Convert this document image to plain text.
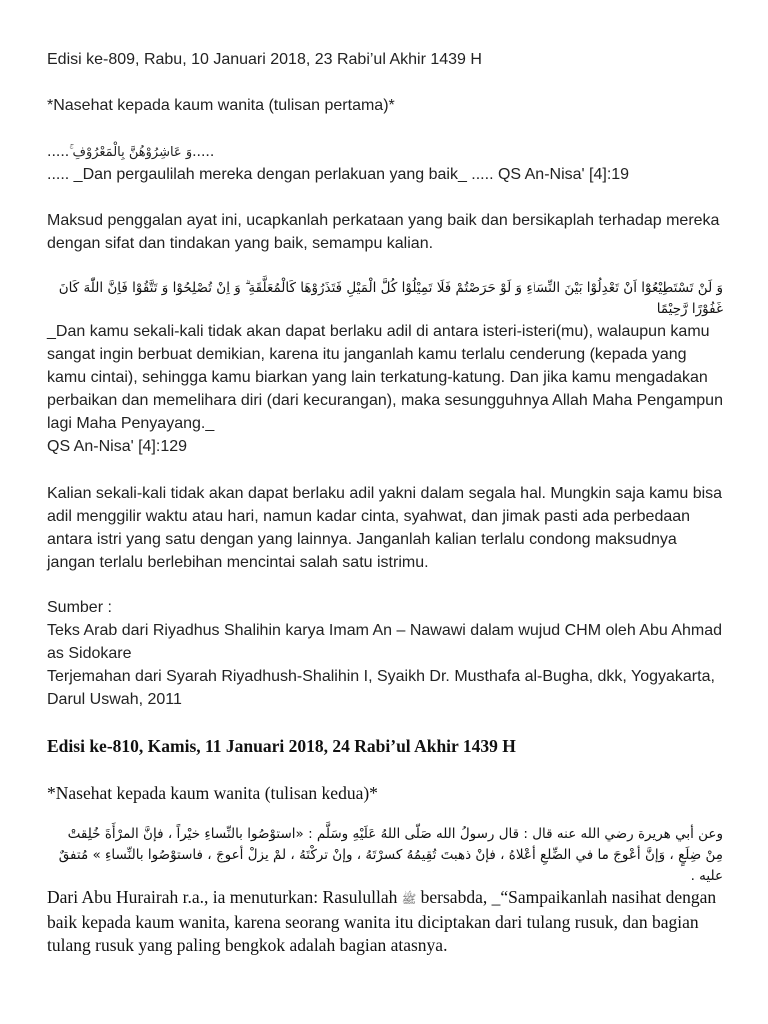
Edisi ke-809, Rabu, 10 Januari 2018, 23 Rabi’ul Akhir 1439 H

*Nasehat kepada kaum wanita (tulisan pertama)*

.....وَ عَاشِرُوْهُنَّ بِالْمَعْرُوْفِ ۚ.....

..... _Dan pergaulilah mereka dengan perlakuan yang baik_ ..... QS An-Nisa' [4]:19

Maksud penggalan ayat ini, ucapkanlah perkataan yang baik dan bersikaplah terhadap mereka dengan sifat dan tindakan yang baik, semampu kalian.

وَ لَنْ تَسْتَطِيْعُوْٓا اَنْ تَعْدِلُوْا بَيْنَ النِّسَاۤءِ وَ لَوْ حَرَصْتُمْ فَلَا تَمِيْلُوْا كُلَّ الْمَيْلِ فَتَذَرُوْهَا كَالْمُعَلَّقَةِ ۗ وَ اِنْ تُصْلِحُوْا وَ تَتَّقُوْا فَاِنَّ اللّٰهَ كَانَ غَفُوْرًا رَّحِيْمًا

_Dan kamu sekali-kali tidak akan dapat berlaku adil di antara isteri-isteri(mu), walaupun kamu sangat ingin berbuat demikian, karena itu janganlah kamu terlalu cenderung (kepada yang kamu cintai), sehingga kamu biarkan yang lain terkatung-katung. Dan jika kamu mengadakan perbaikan dan memelihara diri (dari kecurangan), maka sesungguhnya Allah Maha Pengampun lagi Maha Penyayang._

QS An-Nisa' [4]:129

Kalian sekali-kali tidak akan dapat berlaku adil yakni dalam segala hal. Mungkin saja kamu bisa adil menggilir waktu atau hari, namun kadar cinta, syahwat, dan jimak pasti ada perbedaan antara istri yang satu dengan yang lainnya. Janganlah kalian terlalu condong maksudnya jangan terlalu berlebihan mencintai salah satu istrimu.

Sumber :

Teks Arab dari Riyadhus Shalihin karya Imam An – Nawawi dalam wujud CHM oleh Abu Ahmad as Sidokare

Terjemahan dari Syarah Riyadhush-Shalihin I, Syaikh Dr. Musthafa al-Bugha, dkk, Yogyakarta, Darul Uswah, 2011

Edisi ke-810, Kamis, 11 Januari 2018, 24 Rabi’ul Akhir 1439 H

*Nasehat kepada kaum wanita (tulisan kedua)*

وعن أبي هريرة رضي الله عنه قال : قال رسولُ الله صَلّى اللهُ عَلَيْهِ وسَلَّم : «استوْصُوا بالنِّساءِ خيْراً ، فإنَّ المرْأَةَ خُلِقتْ مِنْ ضِلَعٍ ، وَإنَّ أعْوجَ ما في الضِّلعِ أعْلاهُ ، فإنْ ذهبتَ تُقِيمُهُ كسرْتَهُ ، وإنْ تركْتَهُ ، لمْ يزلْ أعوجَ ، فاستوْصُوا بالنِّساءِ » مُتفقٌ عليه .

Dari Abu Hurairah r.a., ia menuturkan: Rasulullah ﷺ bersabda, _“Sampaikanlah nasihat dengan baik kepada kaum wanita, karena seorang wanita itu diciptakan dari tulang rusuk, dan bagian tulang rusuk yang paling bengkok adalah bagian atasnya.
